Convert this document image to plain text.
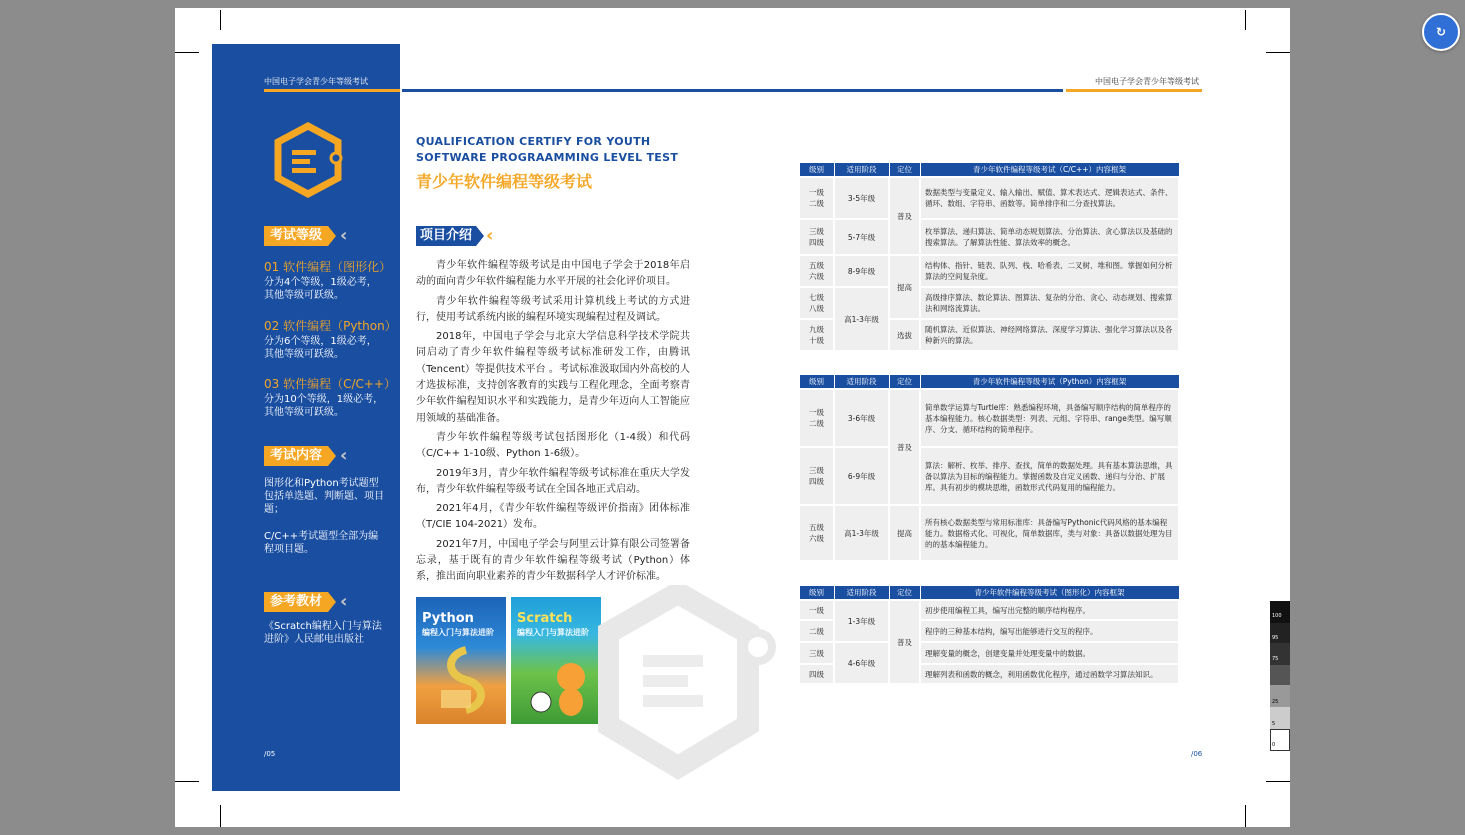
中国电子学会青少年等级考试
考试等级	‹
01 软件编程（图形化）
分为4个等级，1级必考，其他等级可跃级。
02 软件编程（Python）
分为6个等级，1级必考，其他等级可跃级。
03 软件编程（C/C++）
分为10个等级，1级必考，其他等级可跃级。
考试内容	‹
图形化和Python考试题型包括单选题、判断题、项目题；
C/C++考试题型全部为编程项目题。
参考教材	‹
《Scratch编程入门与算法进阶》人民邮电出版社
/05
中国电子学会青少年等级考试
QUALIFICATION CERTIFY FOR YOUTH
SOFTWARE PROGRAAMMING LEVEL TEST
青少年软件编程等级考试
项目介绍 ‹

青少年软件编程等级考试是由中国电子学会于2018年启动的面向青少年软件编程能力水平开展的社会化评价项目。

青少年软件编程等级考试采用计算机线上考试的方式进行，使用考试系统内嵌的编程环境实现编程过程及调试。

2018年，中国电子学会与北京大学信息科学技术学院共同启动了青少年软件编程等级考试标准研发工作，由腾讯（Tencent）等提供技术平台 。考试标准汲取国内外高校的人才选拔标准，支持创客教育的实践与工程化理念，全面考察青少年软件编程知识水平和实践能力，是青少年迈向人工智能应用领域的基础准备。

青少年软件编程等级考试包括图形化（1-4级）和代码（C/C++ 1-10级、Python 1-6级）。

2019年3月，青少年软件编程等级考试标准在重庆大学发布，青少年软件编程等级考试在全国各地正式启动。

2021年4月，《青少年软件编程等级评价指南》团体标准（T/CIE 104-2021）发布。

2021年7月，中国电子学会与阿里云计算有限公司签署备忘录，基于既有的青少年软件编程等级考试（Python）体系，推出面向职业素养的青少年数据科学人才评价标准。

Python
编程入门与算法进阶
Scratch
编程入门与算法进阶
级别	适用阶段	定位	青少年软件编程等级考试（C/C++）内容框架
一级
二级	3-5年级	普及	数据类型与变量定义、输入输出、赋值、算术表达式、逻辑表达式、条件、循环、数组、字符串、函数等。简单排序和二分查找算法。
三级
四级	5-7年级		枚举算法、递归算法、简单动态规划算法、分治算法、贪心算法以及基础的搜索算法。了解算法性能、算法效率的概念。
五级
六级	8-9年级	提高	结构体、指针、链表、队列、栈、哈希表、二叉树、堆和图。掌握如何分析算法的空间复杂度。
七级
八级	高1-3年级		高级排序算法、数论算法、图算法、复杂的分治、贪心、动态规划、搜索算法和网络流算法。
九级
十级		选拔	随机算法、近似算法、神经网络算法、深度学习算法、强化学习算法以及各种新兴的算法。
级别	适用阶段	定位	青少年软件编程等级考试（Python）内容框架
一级
二级	3-6年级	普及	简单数学运算与Turtle库：熟悉编程环境，具备编写顺序结构的简单程序的基本编程能力。核心数据类型：列表、元组、字符串、range类型。编写顺序、分支、循环结构的简单程序。
三级
四级	6-9年级		算法：解析、枚举、排序、查找，简单的数据处理。具有基本算法思维，具备以算法为目标的编程能力。掌握函数及自定义函数、递归与分治、扩展库。具有初步的模块思维，函数形式代码复用的编程能力。
五级
六级	高1-3年级	提高	所有核心数据类型与常用标准库：具备编写Pythonic代码风格的基本编程能力。数据格式化、可视化，简单数据库，类与对象：具备以数据处理为目的的基本编程能力。
级别	适用阶段	定位	青少年软件编程等级考试（图形化）内容框架
一级	1-3年级	普及	初步使用编程工具，编写出完整的顺序结构程序。
二级			程序的三种基本结构，编写出能够进行交互的程序。
三级	4-6年级		理解变量的概念，创建变量并处理变量中的数据。
四级			理解列表和函数的概念，利用函数优化程序，通过函数学习算法知识。
/06
100
95
75
25
5
0
↻
